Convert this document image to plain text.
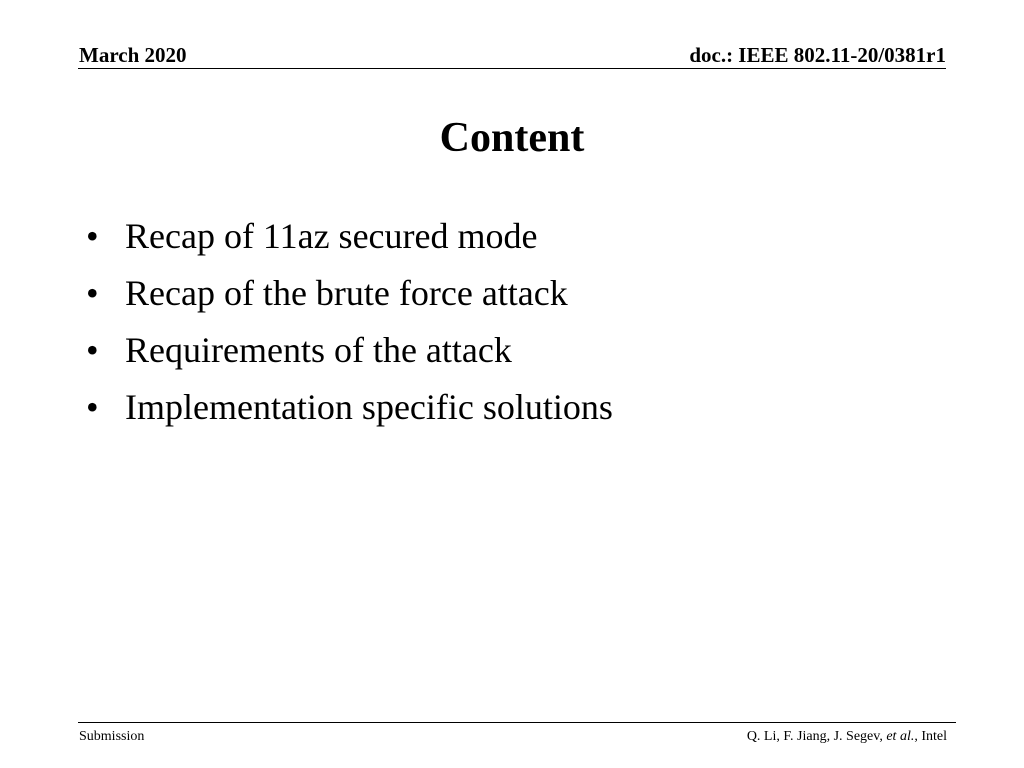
March 2020	doc.: IEEE 802.11-20/0381r1
Content
• Recap of 11az secured mode
• Recap of the brute force attack
• Requirements of the attack
• Implementation specific solutions
Submission	Q. Li, F. Jiang, J. Segev, et al., Intel
